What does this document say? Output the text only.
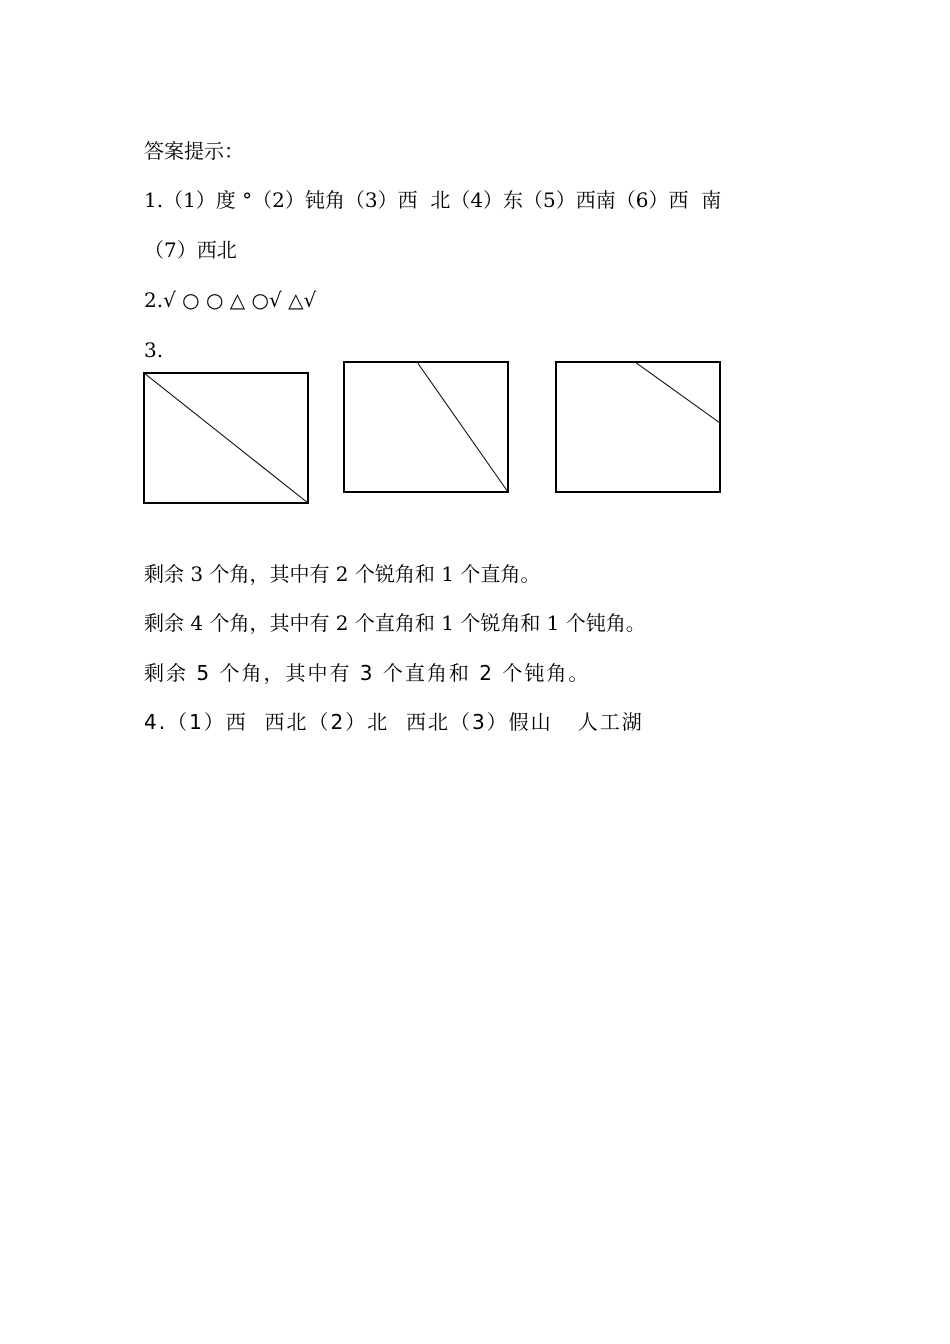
答案提示：
1.（1）度 °（2）钝角（3）西  北（4）东（5）西南（6）西  南
（7）西北
2.√ ○ ○ △ ○√ △√
3.
剩余 3 个角，其中有 2 个锐角和 1 个直角。
剩余 4 个角，其中有 2 个直角和 1 个锐角和 1 个钝角。
剩余 5 个角，其中有 3 个直角和 2 个钝角。
4.（1）西  西北（2）北  西北（3）假山   人工湖
